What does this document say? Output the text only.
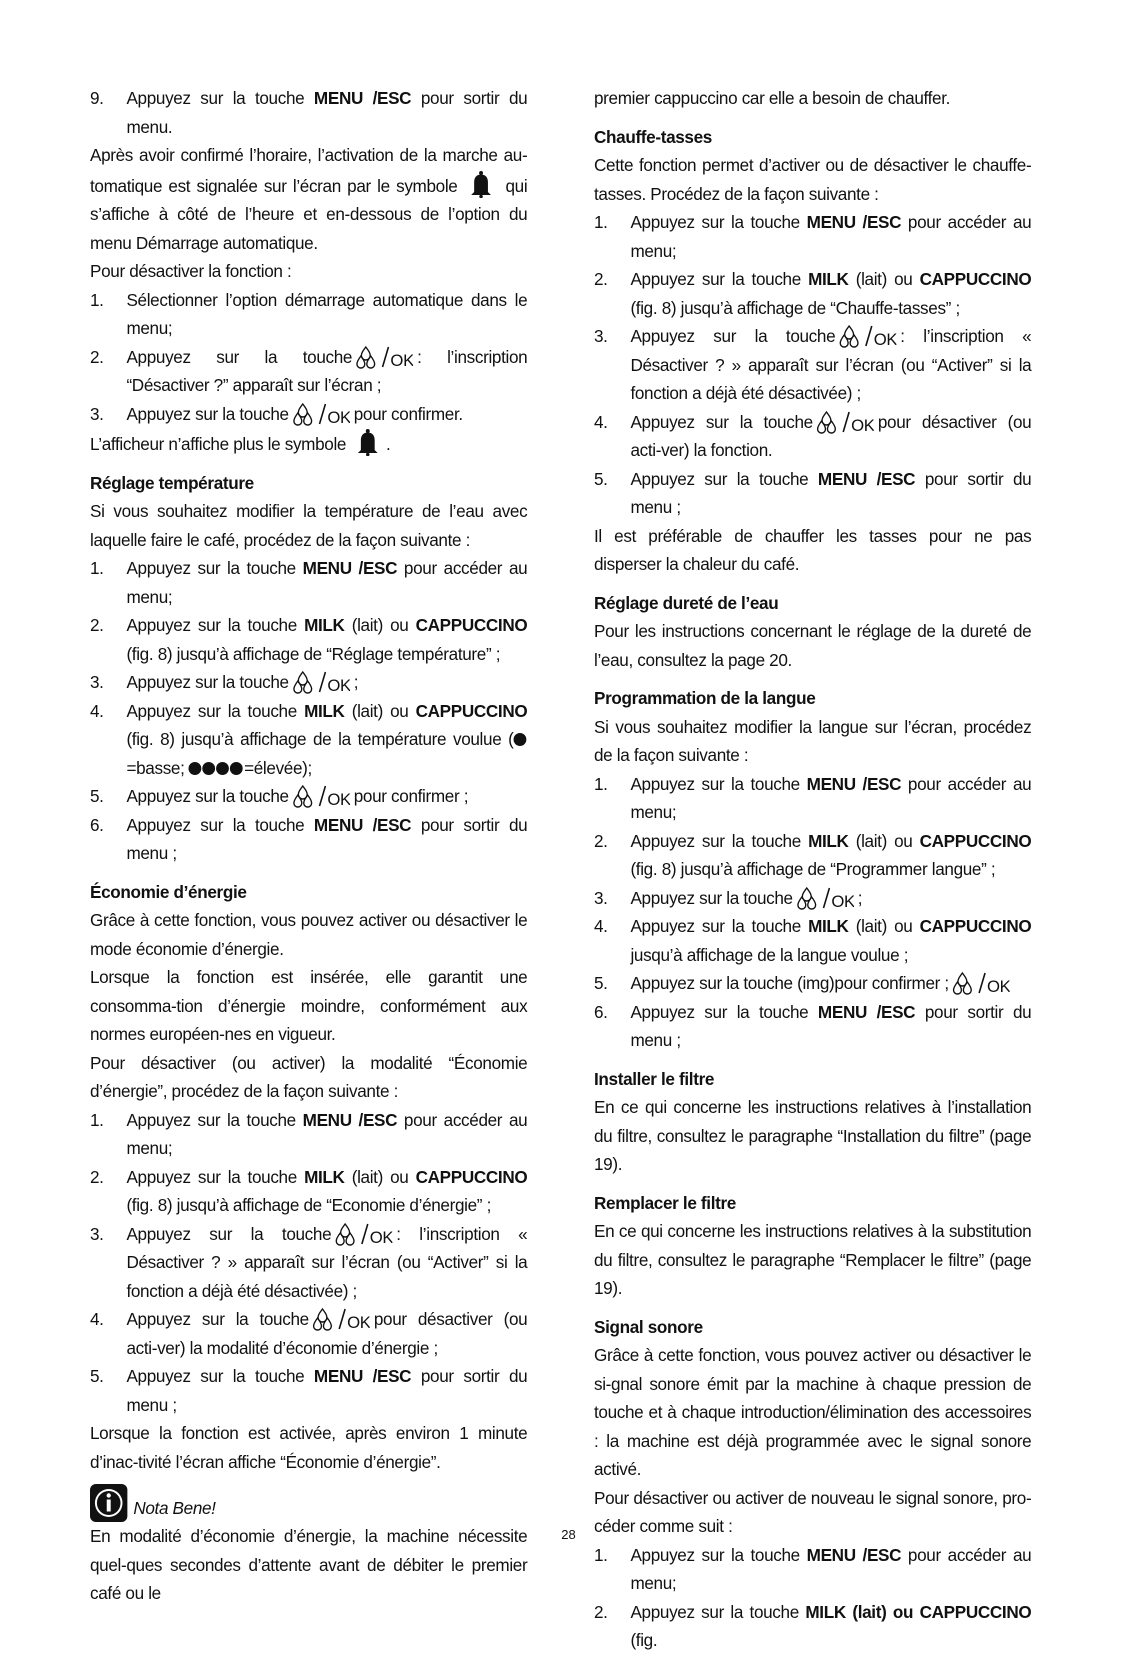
9. Appuyez sur la touche MENU /ESC pour sortir du menu.

Après avoir confirmé l’horaire, l’activation de la marche au-tomatique est signalée sur l’écran par le symbole	qui s’affiche à côté de l’heure et en-dessous de l’option du menu Démarrage automatique.

Pour désactiver la fonction :

1. Sélectionner l’option démarrage automatique dans le menu;
2. Appuyez sur la touche	: l’inscription “Désactiver ?” apparaît sur l’écran ;
3. Appuyez sur la touche	pour confirmer.

L’afficheur n’affiche plus le symbole .

Réglage température

Si vous souhaitez modifier la température de l’eau avec laquelle faire le café, procédez de la façon suivante :

1. Appuyez sur la touche MENU /ESC pour accéder au menu;
2. Appuyez sur la touche MILK (lait) ou CAPPUCCINO (fig. 8) jusqu’à affichage de “Réglage température” ;
3. Appuyez sur la touche	;
4. Appuyez sur la touche MILK (lait) ou CAPPUCCINO (fig. 8) jusqu’à affichage de la température voulue (=basse;	=élevée);
5. Appuyez sur la touche	pour confirmer ;
6. Appuyez sur la touche MENU /ESC pour sortir du menu ;

Économie d’énergie

Grâce à cette fonction, vous pouvez activer ou désactiver le mode économie d’énergie.

Lorsque la fonction est insérée, elle garantit une consomma-tion d’énergie moindre, conformément aux normes européen-nes en vigueur.

Pour désactiver (ou activer) la modalité “Économie d’énergie”, procédez de la façon suivante :

1. Appuyez sur la touche MENU /ESC pour accéder au menu;
2. Appuyez sur la touche MILK (lait) ou CAPPUCCINO (fig. 8) jusqu’à affichage de “Economie d’énergie” ;
3. Appuyez sur la touche	: l’inscription « Désactiver ? » apparaît sur l’écran (ou “Activer” si la fonction a déjà été désactivée) ;
4. Appuyez sur la touche	pour désactiver (ou acti-ver) la modalité d’économie d’énergie ;
5. Appuyez sur la touche MENU /ESC pour sortir du menu ;

Lorsque la fonction est activée, après environ 1 minute d’inac-tivité l’écran affiche “Économie d’énergie”.

Nota Bene!

En modalité d’économie d’énergie, la machine nécessite quel-ques secondes d’attente avant de débiter le premier café ou le

premier cappuccino car elle a besoin de chauffer.

Chauffe-tasses

Cette fonction permet d’activer ou de désactiver le chauffe-tasses. Procédez de la façon suivante :

1. Appuyez sur la touche MENU /ESC pour accéder au menu;
2. Appuyez sur la touche MILK (lait) ou CAPPUCCINO (fig. 8) jusqu’à affichage de “Chauffe-tasses” ;
3. Appuyez sur la touche	: l’inscription « Désactiver ? » apparaît sur l’écran (ou “Activer” si la fonction a déjà été désactivée) ;
4. Appuyez sur la touche	pour désactiver (ou acti-ver) la fonction.
5. Appuyez sur la touche MENU /ESC pour sortir du menu ;

Il est préférable de chauffer les tasses pour ne pas disperser la chaleur du café.

Réglage dureté de l’eau

Pour les instructions concernant le réglage de la dureté de l’eau, consultez la page 20.

Programmation de la langue

Si vous souhaitez modifier la langue sur l’écran, procédez de la façon suivante :

1. Appuyez sur la touche MENU /ESC pour accéder au menu;
2. Appuyez sur la touche MILK (lait) ou CAPPUCCINO (fig. 8) jusqu’à affichage de “Programmer langue” ;
3. Appuyez sur la touche	;
4. Appuyez sur la touche MILK (lait) ou CAPPUCCINO jusqu’à affichage de la langue voulue ;
5. Appuyez sur la touche (img)pour confirmer ;
6. Appuyez sur la touche MENU /ESC pour sortir du menu ;

Installer le filtre

En ce qui concerne les instructions relatives à l’installation du filtre, consultez le paragraphe “Installation du filtre” (page 19).

Remplacer le filtre

En ce qui concerne les instructions relatives à la substitution du filtre, consultez le paragraphe “Remplacer le filtre” (page 19).

Signal sonore

Grâce à cette fonction, vous pouvez activer ou désactiver le si-gnal sonore émit par la machine à chaque pression de touche et à chaque introduction/élimination des accessoires : la machine est déjà programmée avec le signal sonore activé.

Pour désactiver ou activer de nouveau le signal sonore, pro-céder comme suit :

1. Appuyez sur la touche MENU /ESC pour accéder au menu;
2. Appuyez sur la touche MILK (lait) ou CAPPUCCINO (fig.
28
